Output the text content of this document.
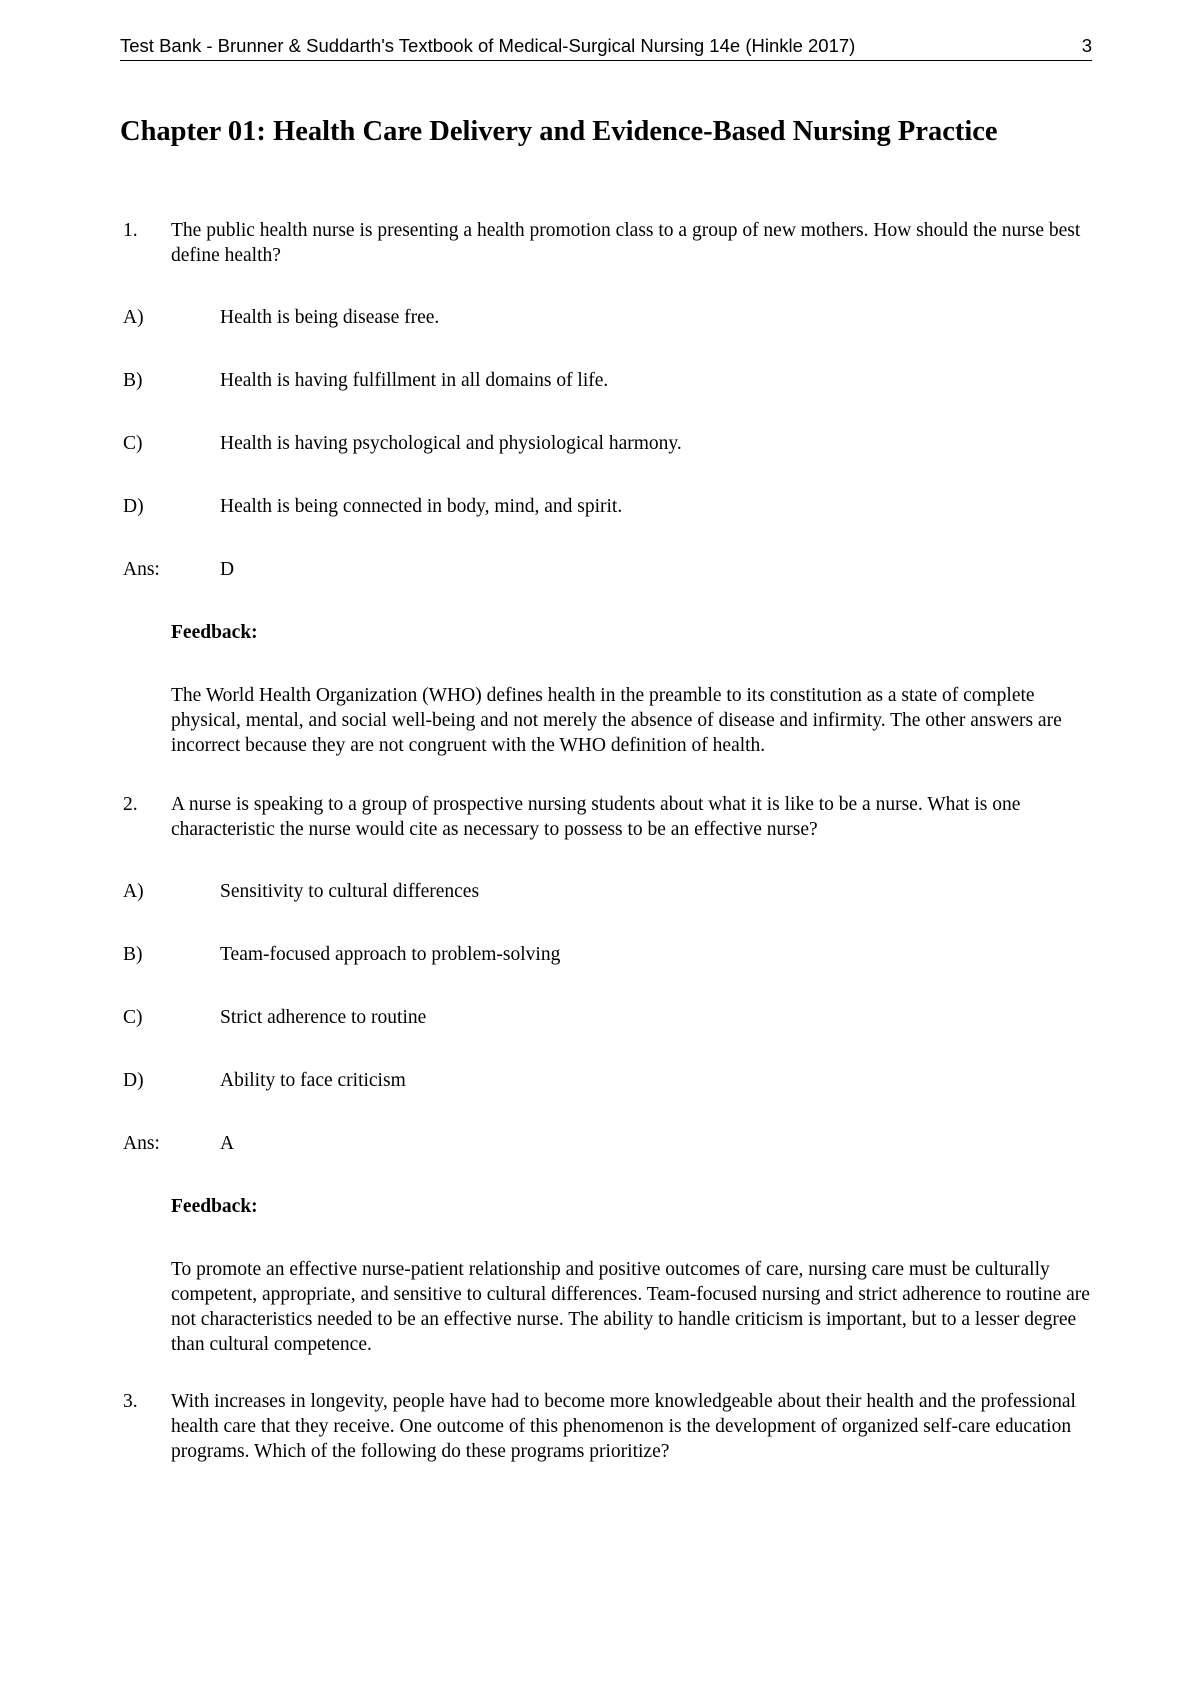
Test Bank - Brunner & Suddarth's Textbook of Medical-Surgical Nursing 14e (Hinkle 2017)	3
Chapter 01: Health Care Delivery and Evidence-Based Nursing Practice
1. The public health nurse is presenting a health promotion class to a group of new mothers. How should the nurse best define health?
A)	Health is being disease free.
B)	Health is having fulfillment in all domains of life.
C)	Health is having psychological and physiological harmony.
D)	Health is being connected in body, mind, and spirit.
Ans:	D
Feedback:
The World Health Organization (WHO) defines health in the preamble to its constitution as a state of complete physical, mental, and social well-being and not merely the absence of disease and infirmity. The other answers are incorrect because they are not congruent with the WHO definition of health.
2. A nurse is speaking to a group of prospective nursing students about what it is like to be a nurse. What is one characteristic the nurse would cite as necessary to possess to be an effective nurse?
A)	Sensitivity to cultural differences
B)	Team-focused approach to problem-solving
C)	Strict adherence to routine
D)	Ability to face criticism
Ans:	A
Feedback:
To promote an effective nurse-patient relationship and positive outcomes of care, nursing care must be culturally competent, appropriate, and sensitive to cultural differences. Team-focused nursing and strict adherence to routine are not characteristics needed to be an effective nurse. The ability to handle criticism is important, but to a lesser degree than cultural competence.
3. With increases in longevity, people have had to become more knowledgeable about their health and the professional health care that they receive. One outcome of this phenomenon is the development of organized self-care education programs. Which of the following do these programs prioritize?
